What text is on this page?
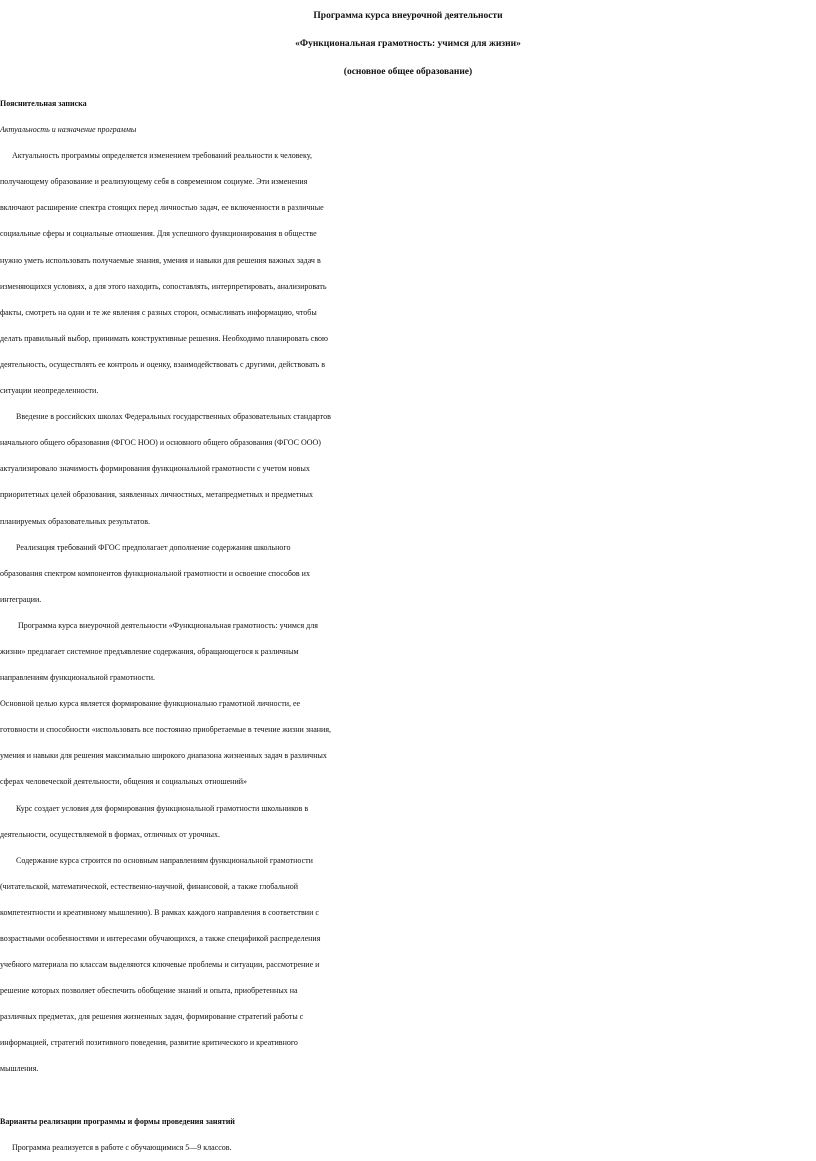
Программа курса внеурочной деятельности
«Функциональная грамотность: учимся для жизни»
(основное общее образование)
Пояснительная записка
Актуальность и назначение программы
Актуальность программы определяется изменением требований реальности к человеку,
получающему образование и реализующему себя в современном социуме. Эти изменения
включают расширение спектра стоящих перед личностью задач, ее включенности в различные
социальные сферы и социальные отношения. Для успешного функционирования в обществе
нужно уметь использовать получаемые знания, умения и навыки для решения важных задач в
изменяющихся условиях, а для этого находить, сопоставлять, интерпретировать, анализировать
факты, смотреть на одни и те же явления с разных сторон, осмысливать информацию, чтобы
делать правильный выбор, принимать конструктивные решения. Необходимо планировать свою
деятельность, осуществлять ее контроль и оценку, взаимодействовать с другими, действовать в
ситуации неопределенности.
Введение в российских школах Федеральных государственных образовательных стандартов
начального общего образования (ФГОС НОО) и основного общего образования (ФГОС ООО)
актуализировало значимость формирования функциональной грамотности с учетом новых
приоритетных целей образования, заявленных личностных, метапредметных и предметных
планируемых образовательных результатов.
Реализация требований ФГОС предполагает дополнение содержания школьного
образования спектром компонентов функциональной грамотности и освоение способов их
интеграции.
Программа курса внеурочной деятельности «Функциональная грамотность: учимся для
жизни» предлагает системное предъявление содержания, обращающегося к различным
направлениям функциональной грамотности.
Основной целью курса является формирование функционально грамотной личности, ее
готовности и способности «использовать все постоянно приобретаемые в течение жизни знания,
умения и навыки для решения максимально широкого диапазона жизненных задач в различных
сферах человеческой деятельности, общения и социальных отношений»
Курс создает условия для формирования функциональной грамотности школьников в
деятельности, осуществляемой в формах, отличных от урочных.
Содержание курса строится по основным направлениям функциональной грамотности
(читательской, математической, естественно-научной, финансовой, а также глобальной
компетентности и креативному мышлению). В рамках каждого направления в соответствии с
возрастными особенностями и интересами обучающихся, а также спецификой распределения
учебного материала по классам выделяются ключевые проблемы и ситуации, рассмотрение и
решение которых позволяет обеспечить обобщение знаний и опыта, приобретенных на
различных предметах, для решения жизненных задач, формирование стратегий работы с
информацией, стратегий позитивного поведения, развитие критического и креативного
мышления.
Варианты реализации программы и формы проведения занятий
Программа реализуется в работе с обучающимися 5—9 классов.
